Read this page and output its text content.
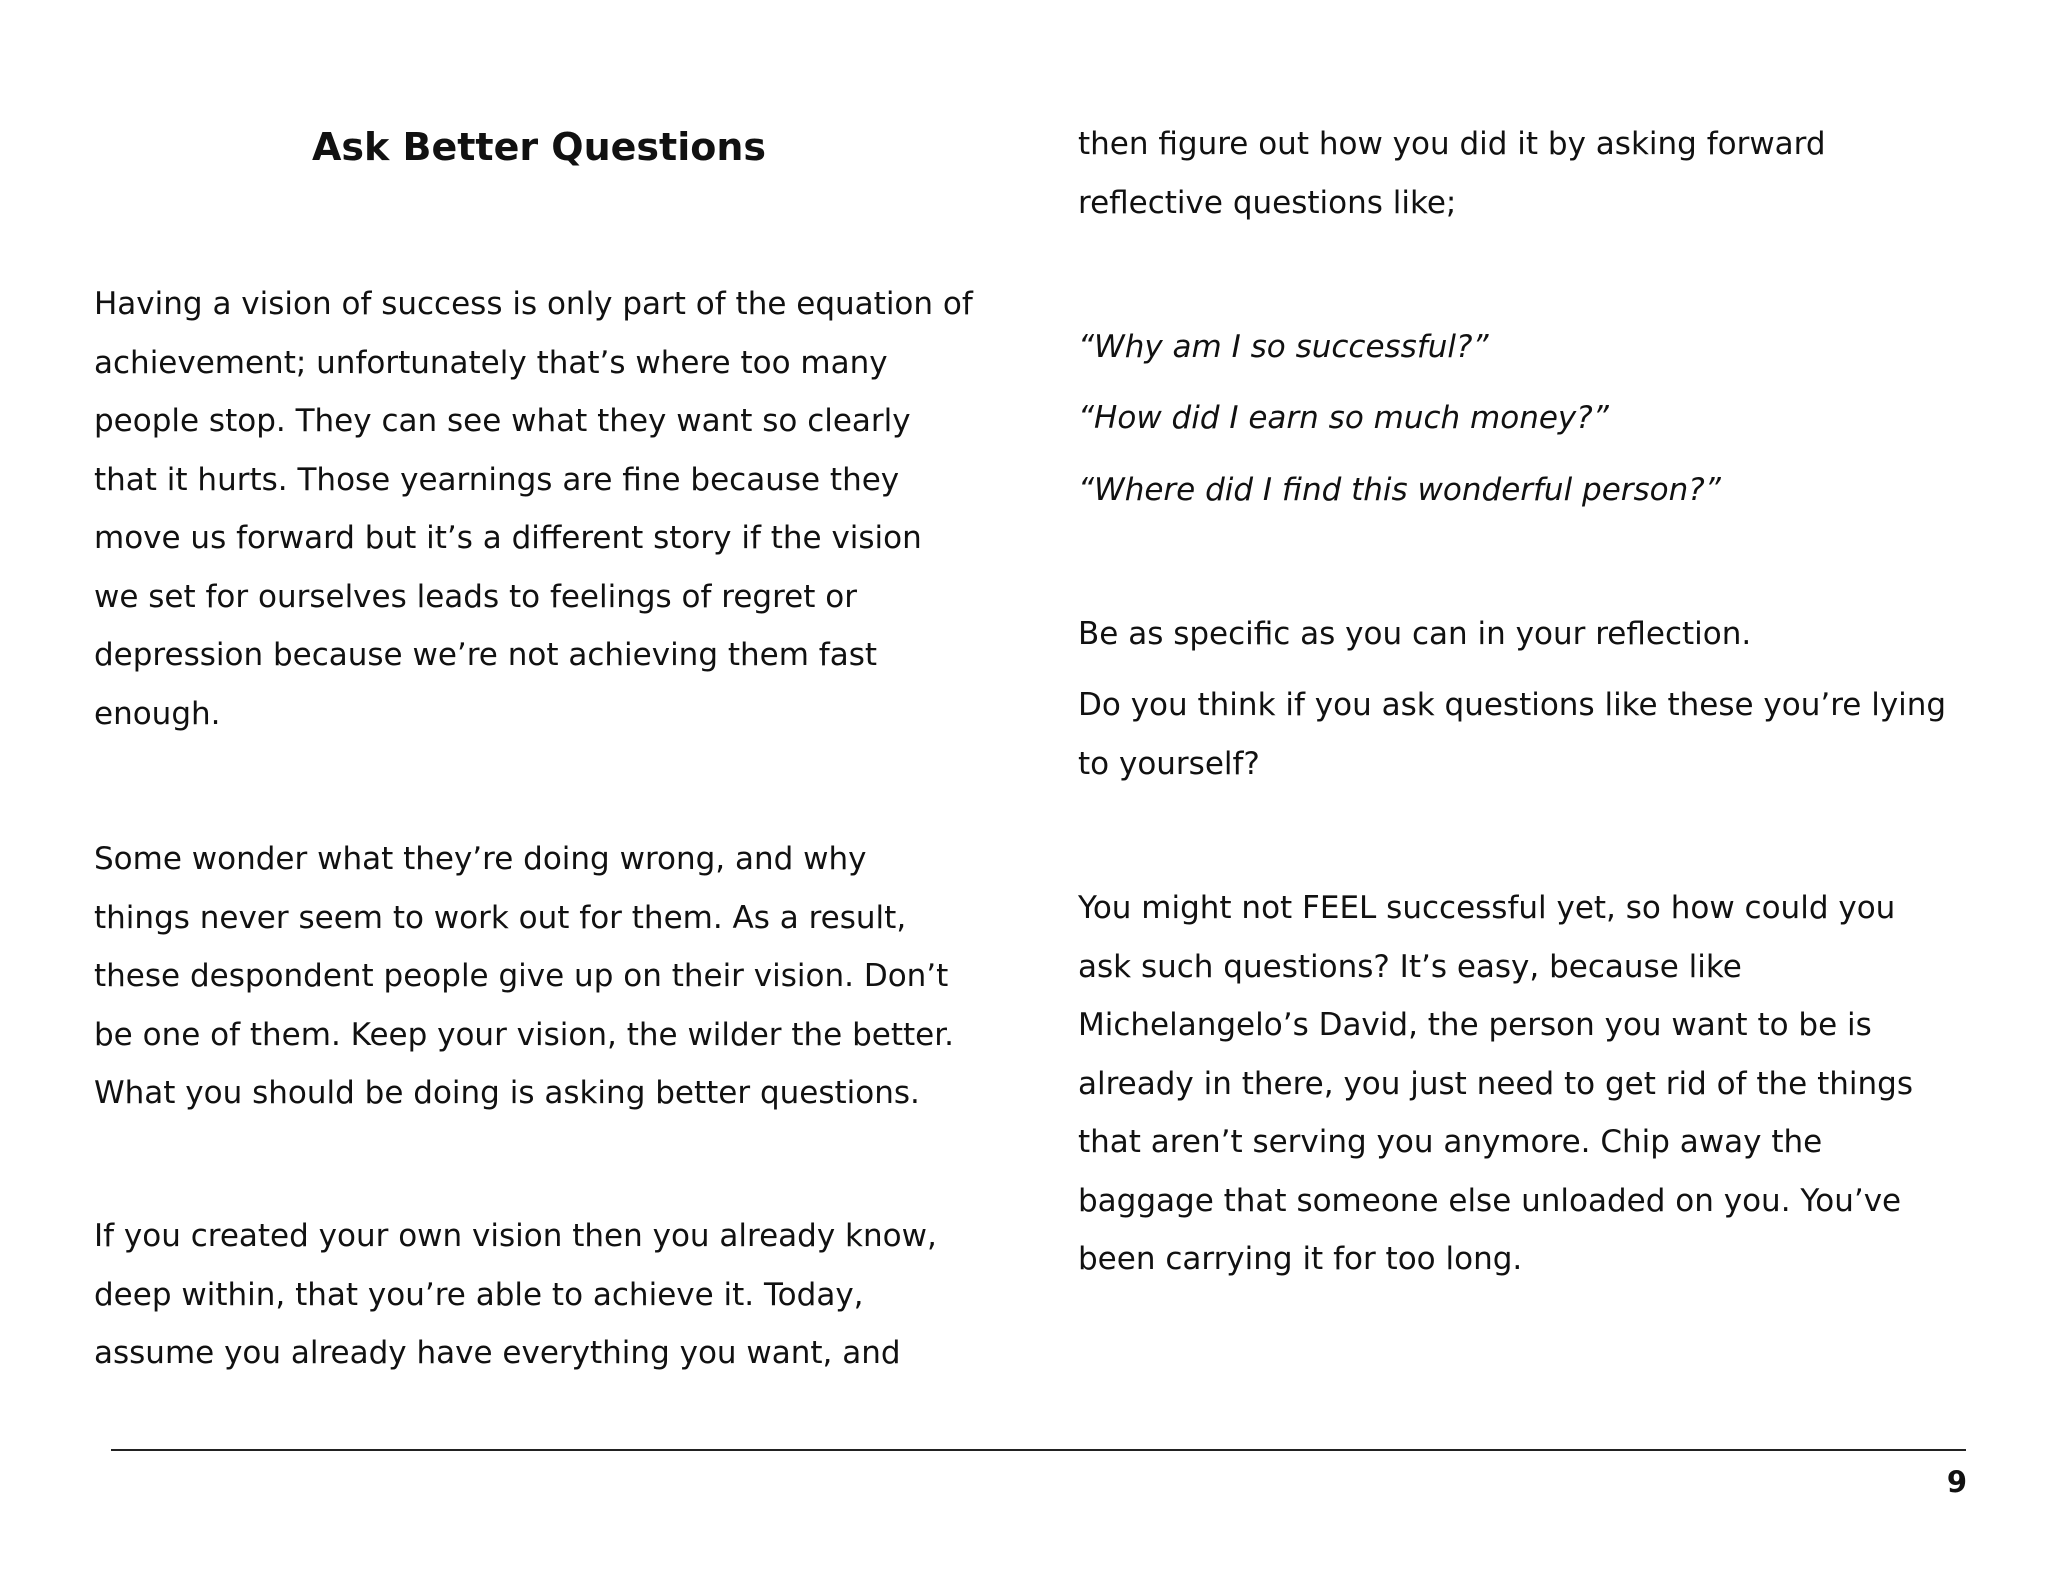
Ask Better Questions

Having a vision of success is only part of the equation of
achievement; unfortunately that’s where too many
people stop. They can see what they want so clearly
that it hurts. Those yearnings are fine because they
move us forward but it’s a different story if the vision
we set for ourselves leads to feelings of regret or
depression because we’re not achieving them fast
enough.

Some wonder what they’re doing wrong, and why
things never seem to work out for them. As a result,
these despondent people give up on their vision. Don’t
be one of them. Keep your vision, the wilder the better.
What you should be doing is asking better questions.

If you created your own vision then you already know,
deep within, that you’re able to achieve it. Today,
assume you already have everything you want, and

then figure out how you did it by asking forward
reflective questions like;

“Why am I so successful?”

“How did I earn so much money?”

“Where did I find this wonderful person?”

Be as specific as you can in your reflection.

Do you think if you ask questions like these you’re lying
to yourself?

You might not FEEL successful yet, so how could you
ask such questions? It’s easy, because like
Michelangelo’s David, the person you want to be is
already in there, you just need to get rid of the things
that aren’t serving you anymore. Chip away the
baggage that someone else unloaded on you. You’ve
been carrying it for too long.

9
